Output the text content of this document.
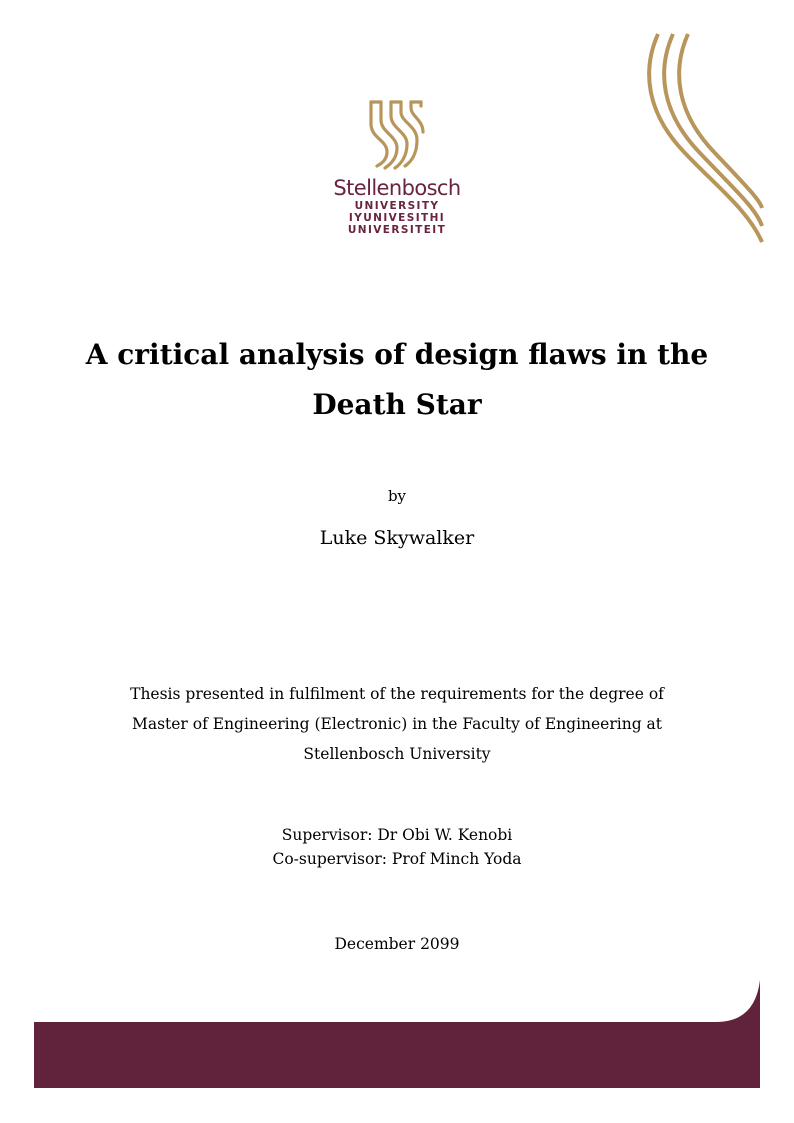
Stellenbosch
UNIVERSITY
IYUNIVESITHI
UNIVERSITEIT
A critical analysis of design flaws in the Death Star
by
Luke Skywalker
Thesis presented in fulfilment of the requirements for the degree of Master of Engineering (Electronic) in the Faculty of Engineering at Stellenbosch University
Supervisor: Dr Obi W. Kenobi
Co-supervisor: Prof Minch Yoda
December 2099
